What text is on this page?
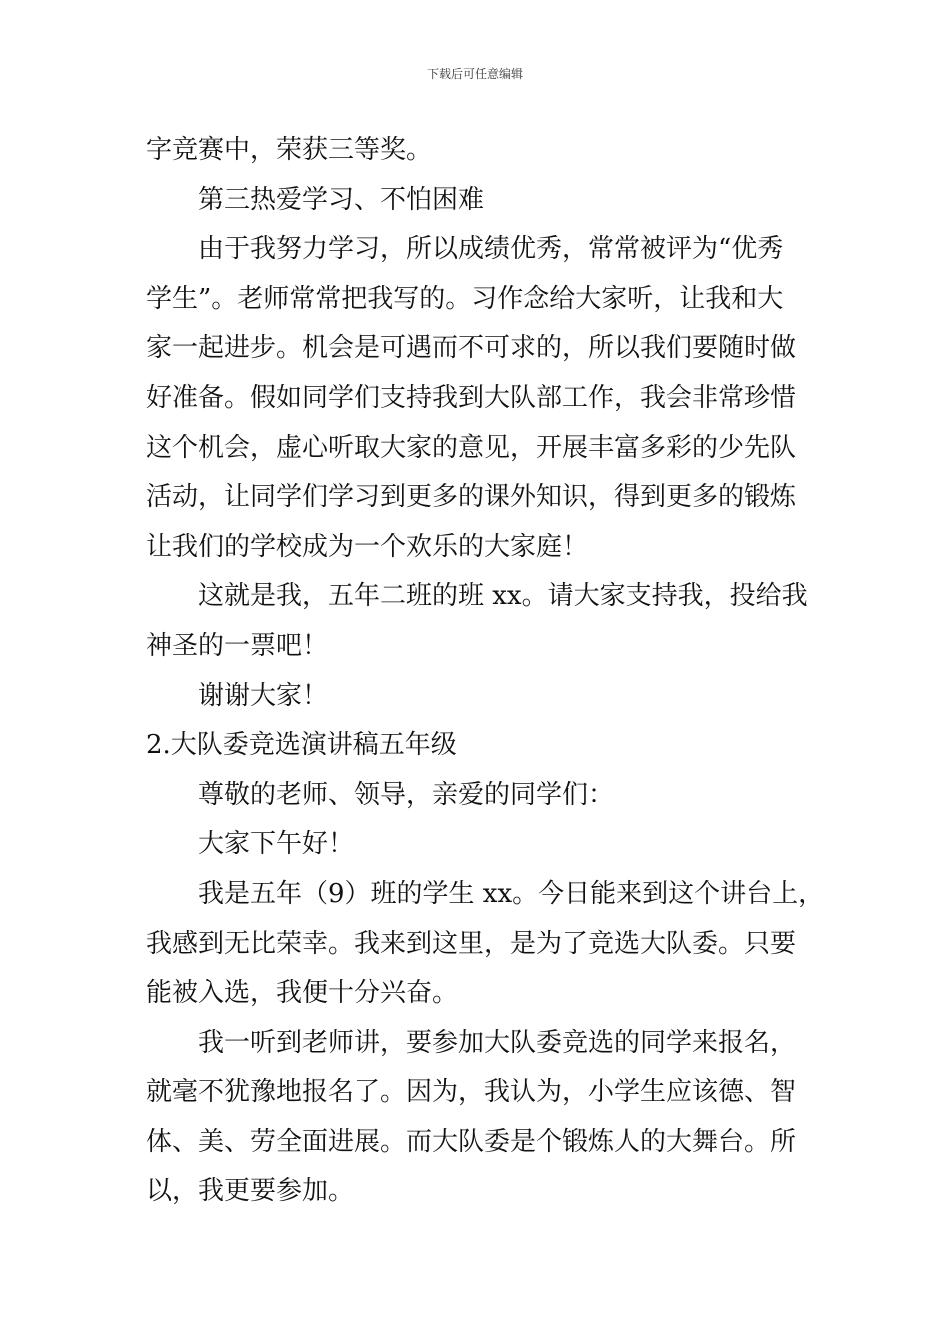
下载后可任意编辑
字竞赛中，荣获三等奖。
第三热爱学习、不怕困难
由于我努力学习，所以成绩优秀，常常被评为“优秀
学生”。老师常常把我写的。习作念给大家听，让我和大
家一起进步。机会是可遇而不可求的，所以我们要随时做
好准备。假如同学们支持我到大队部工作，我会非常珍惜
这个机会，虚心听取大家的意见，开展丰富多彩的少先队
活动，让同学们学习到更多的课外知识，得到更多的锻炼
让我们的学校成为一个欢乐的大家庭！
这就是我，五年二班的班 xx。请大家支持我，投给我
神圣的一票吧！
谢谢大家！
2.大队委竞选演讲稿五年级
尊敬的老师、领导，亲爱的同学们：
大家下午好！
我是五年（9）班的学生 xx。今日能来到这个讲台上，
我感到无比荣幸。我来到这里，是为了竞选大队委。只要
能被入选，我便十分兴奋。
我一听到老师讲，要参加大队委竞选的同学来报名，
就毫不犹豫地报名了。因为，我认为，小学生应该德、智
体、美、劳全面进展。而大队委是个锻炼人的大舞台。所
以，我更要参加。
